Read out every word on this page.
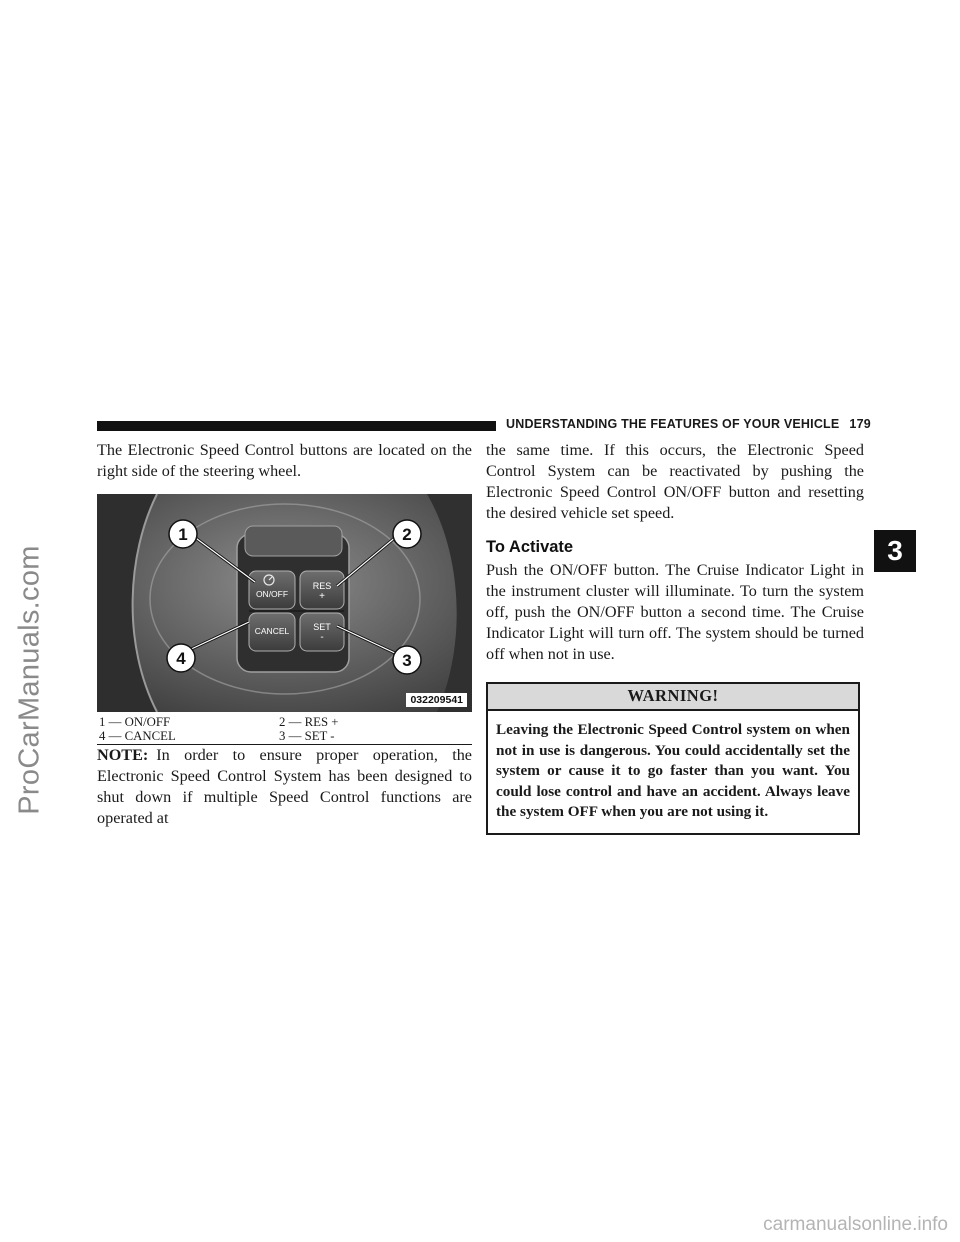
ProCarManuals.com
UNDERSTANDING THE FEATURES OF YOUR VEHICLE 179
3

The Electronic Speed Control buttons are located on the right side of the steering wheel.

1	2
3
4
ON/OFF
CANCEL
RES
+
SET
-
032209541
1 — ON/OFF	2 — RES +
4 — CANCEL	3 — SET -

NOTE: In order to ensure proper operation, the Electronic Speed Control System has been designed to shut down if multiple Speed Control functions are operated at

the same time. If this occurs, the Electronic Speed Control System can be reactivated by pushing the Electronic Speed Control ON/OFF button and resetting the desired vehicle set speed.

To Activate

Push the ON/OFF button. The Cruise Indicator Light in the instrument cluster will illuminate. To turn the system off, push the ON/OFF button a second time. The Cruise Indicator Light will turn off. The system should be turned off when not in use.

WARNING!
Leaving the Electronic Speed Control system on when not in use is dangerous. You could accidentally set the system or cause it to go faster than you want. You could lose control and have an accident. Always leave the system OFF when you are not using it.
carmanualsonline.info
